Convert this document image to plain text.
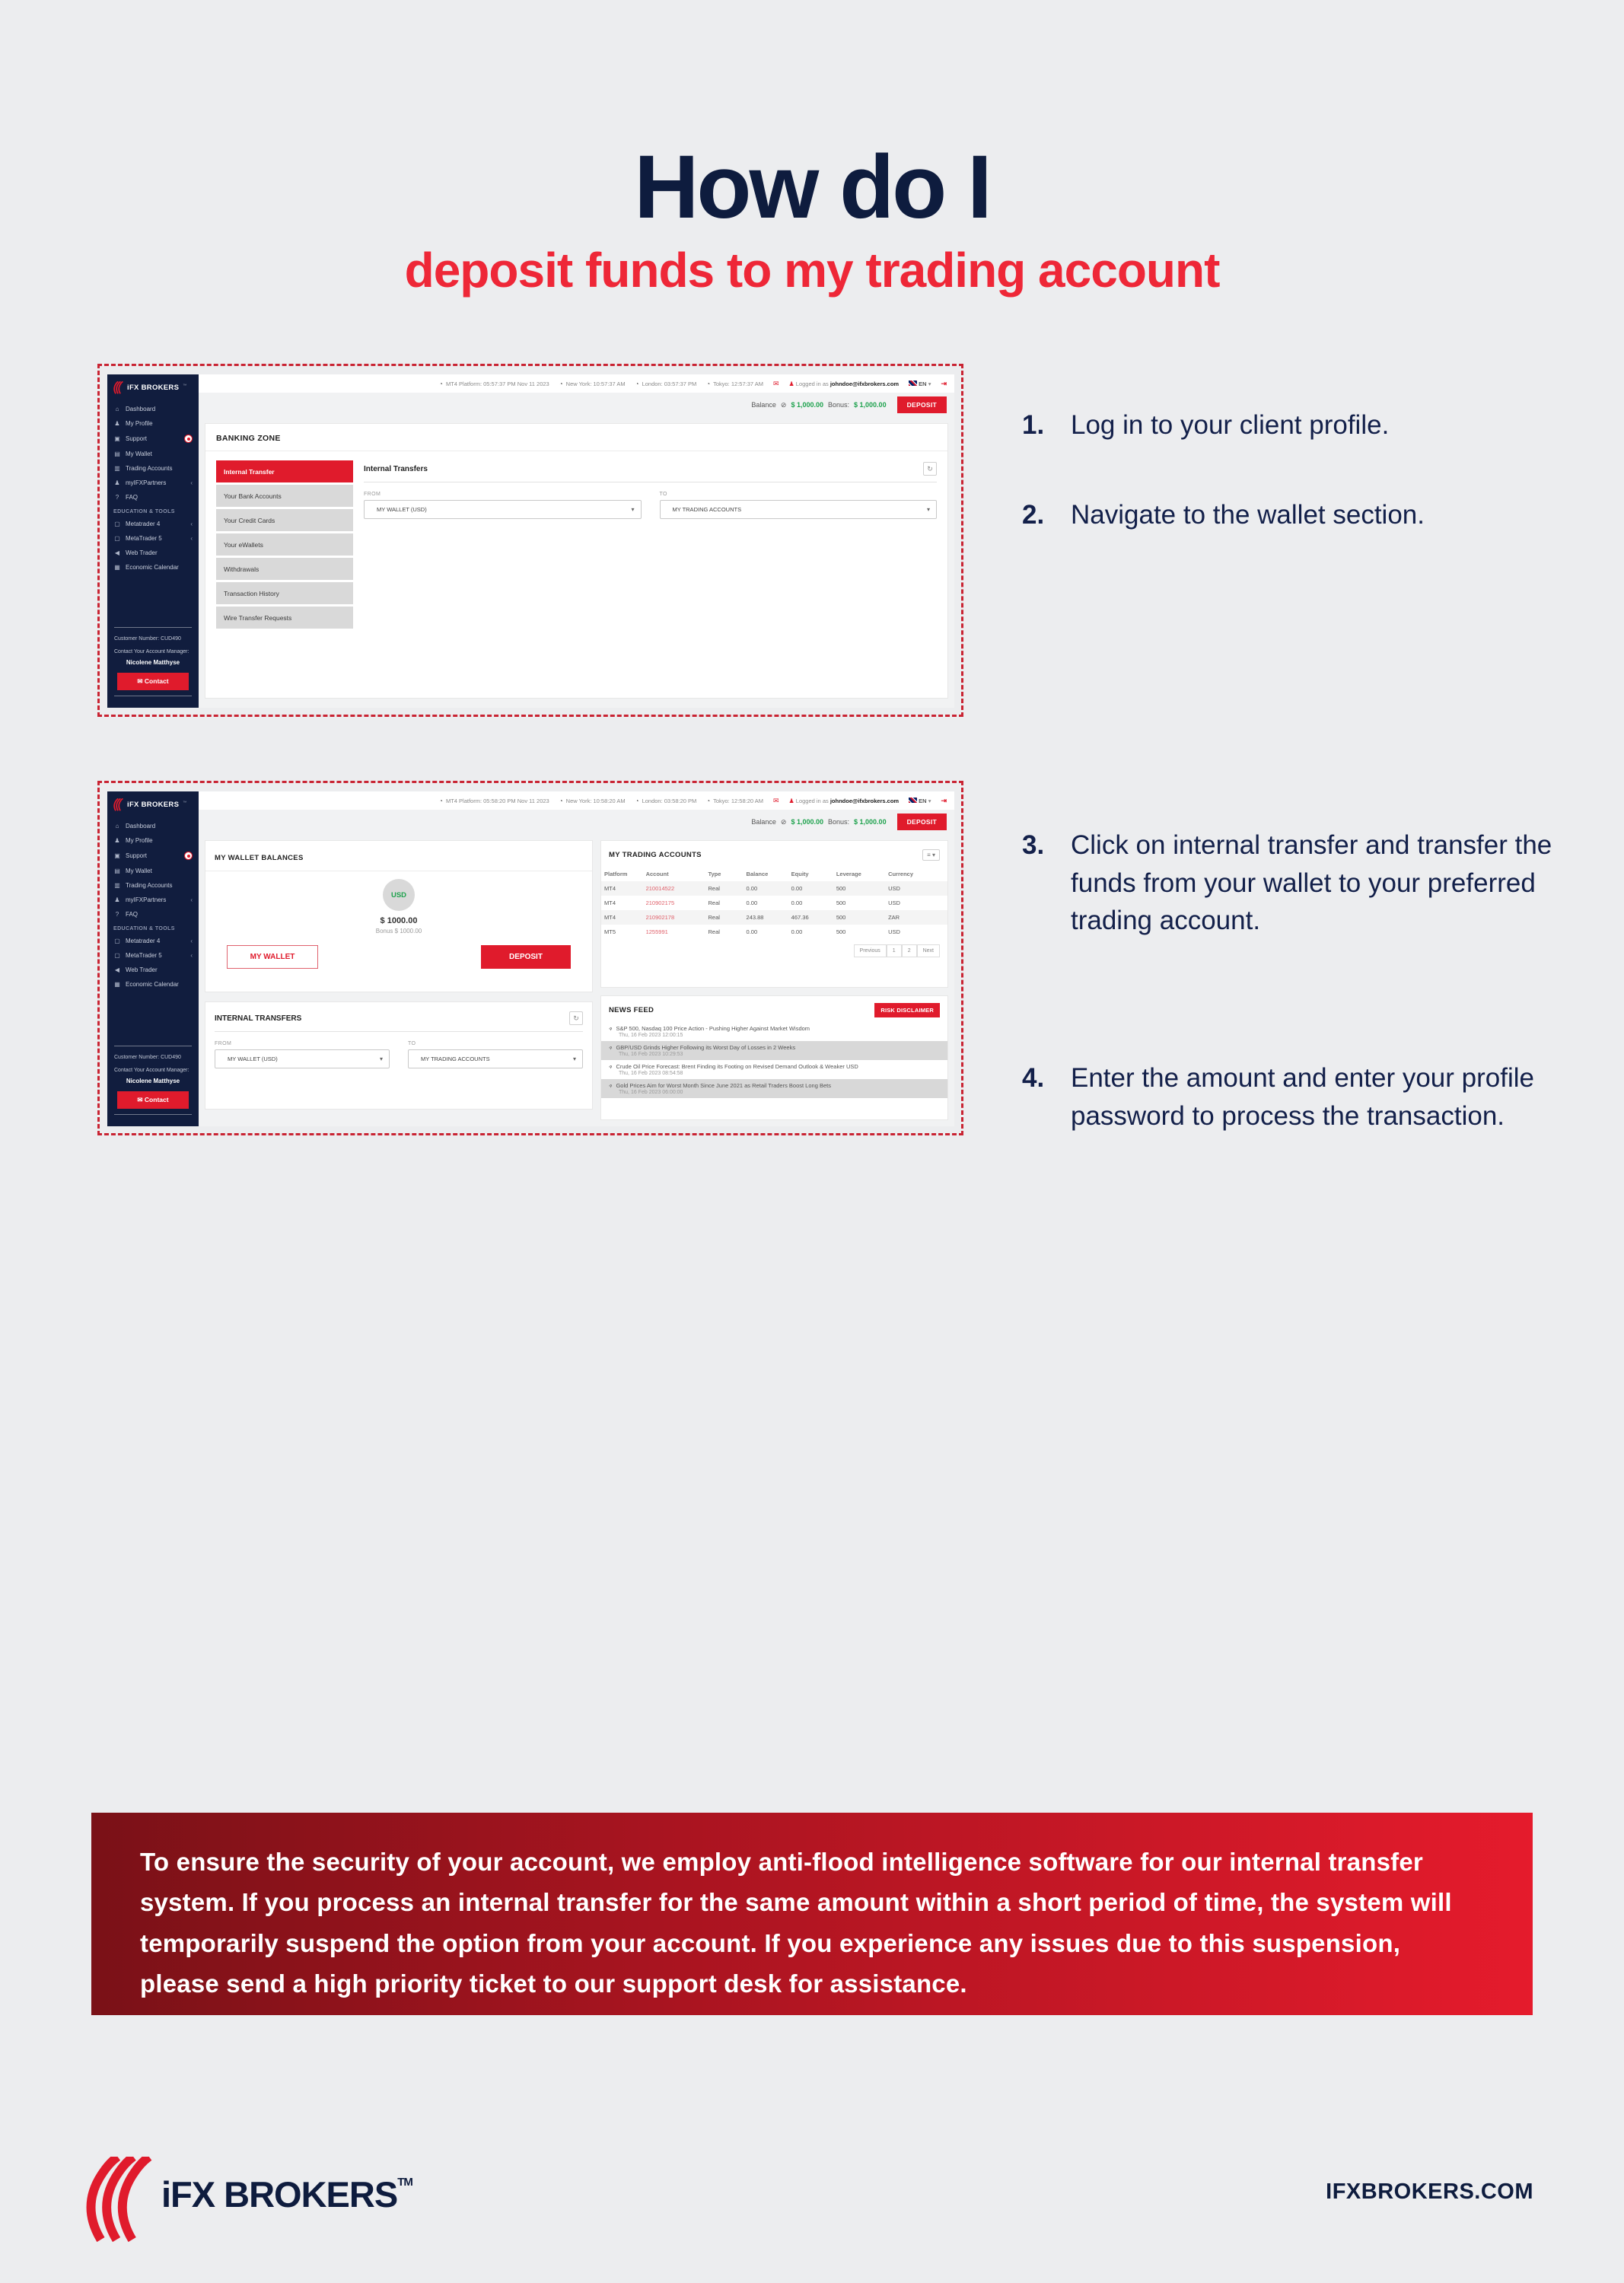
How do I
deposit funds to my trading account
1. Log in to your client profile.
2. Navigate to the wallet section.
3. Click on internal transfer and transfer the funds from your wallet to your preferred trading account.
4. Enter the amount and enter your profile password to process the transaction.
iFX BROKERS ™
⌂	Dashboard
♟ My Profile
▣ Support
▤ My Wallet
▥ Trading Accounts
♟ myIFXPartners	‹
?	FAQ
EDUCATION & TOOLS
▢ Metatrader 4	‹
▢ MetaTrader 5	‹
◀ Web Trader
▦ Economic Calendar
Customer Number: CUD490
Contact Your Account Manager:
Nicolene Matthyse
✉ Contact
◔ MT4 Platform: 05:57:37 PM Nov 11 2023 ◔ New York: 10:57:37 AM ◔ London: 03:57:37 PM ◔ Tokyo: 12:57:37 AM ✉ ♟ Logged in as johndoe@ifxbrokers.com	EN ▾ ⇥
Balance ⊘ $ 1,000.00 Bonus: $ 1,000.00	DEPOSIT
BANKING ZONE
Internal Transfer
Your Bank Accounts
Your Credit Cards
Your eWallets
Withdrawals
Transaction History
Wire Transfer Requests
Internal Transfers	↻
FROM
MY WALLET (USD)	▾
TO
MY TRADING ACCOUNTS	▾
iFX BROKERS ™
⌂	Dashboard
♟ My Profile
▣ Support
▤ My Wallet
▥ Trading Accounts
♟ myIFXPartners	‹
?	FAQ
EDUCATION & TOOLS
▢ Metatrader 4	‹
▢ MetaTrader 5	‹
◀ Web Trader
▦ Economic Calendar
Customer Number: CUD490
Contact Your Account Manager:
Nicolene Matthyse
✉ Contact
◔ MT4 Platform: 05:58:20 PM Nov 11 2023 ◔ New York: 10:58:20 AM ◔ London: 03:58:20 PM ◔ Tokyo: 12:58:20 AM ✉ ♟ Logged in as johndoe@ifxbrokers.com	EN ▾ ⇥
Balance ⊘ $ 1,000.00 Bonus: $ 1,000.00	DEPOSIT
MY WALLET BALANCES
USD
$ 1000.00
Bonus $ 1000.00
MY WALLET	DEPOSIT
MY TRADING ACCOUNTS	≡ ▾
Platform	Account	Type	Balance	Equity	Leverage	Currency
MT4	210014522	Real	0.00	0.00	500	USD
MT4	210902175	Real	0.00	0.00	500	USD
MT4	210902178	Real	243.88	467.36	500	ZAR
MT5	1255991	Real	0.00	0.00	500	USD
Previous	1	2	Next
INTERNAL TRANSFERS	↻
FROM
MY WALLET (USD)	▾
TO
MY TRADING ACCOUNTS	▾
NEWS FEED	RISK DISCLAIMER
» S&P 500, Nasdaq 100 Price Action - Pushing Higher Against Market Wisdom
Thu, 16 Feb 2023 12:00:15
» GBP/USD Grinds Higher Following its Worst Day of Losses in 2 Weeks
Thu, 16 Feb 2023 10:29:53
» Crude Oil Price Forecast: Brent Finding its Footing on Revised Demand Outlook & Weaker USD
Thu, 16 Feb 2023 08:54:58
» Gold Prices Aim for Worst Month Since June 2021 as Retail Traders Boost Long Bets
Thu, 16 Feb 2023 06:00:00
To ensure the security of your account, we employ anti-flood intelligence software for our internal transfer system. If you process an internal transfer for the same amount within a short period of time, the system will temporarily suspend the option from your account. If you experience any issues due to this suspension, please send a high priority ticket to our support desk for assistance.
iFX BROKERS™	IFXBROKERS.COM
